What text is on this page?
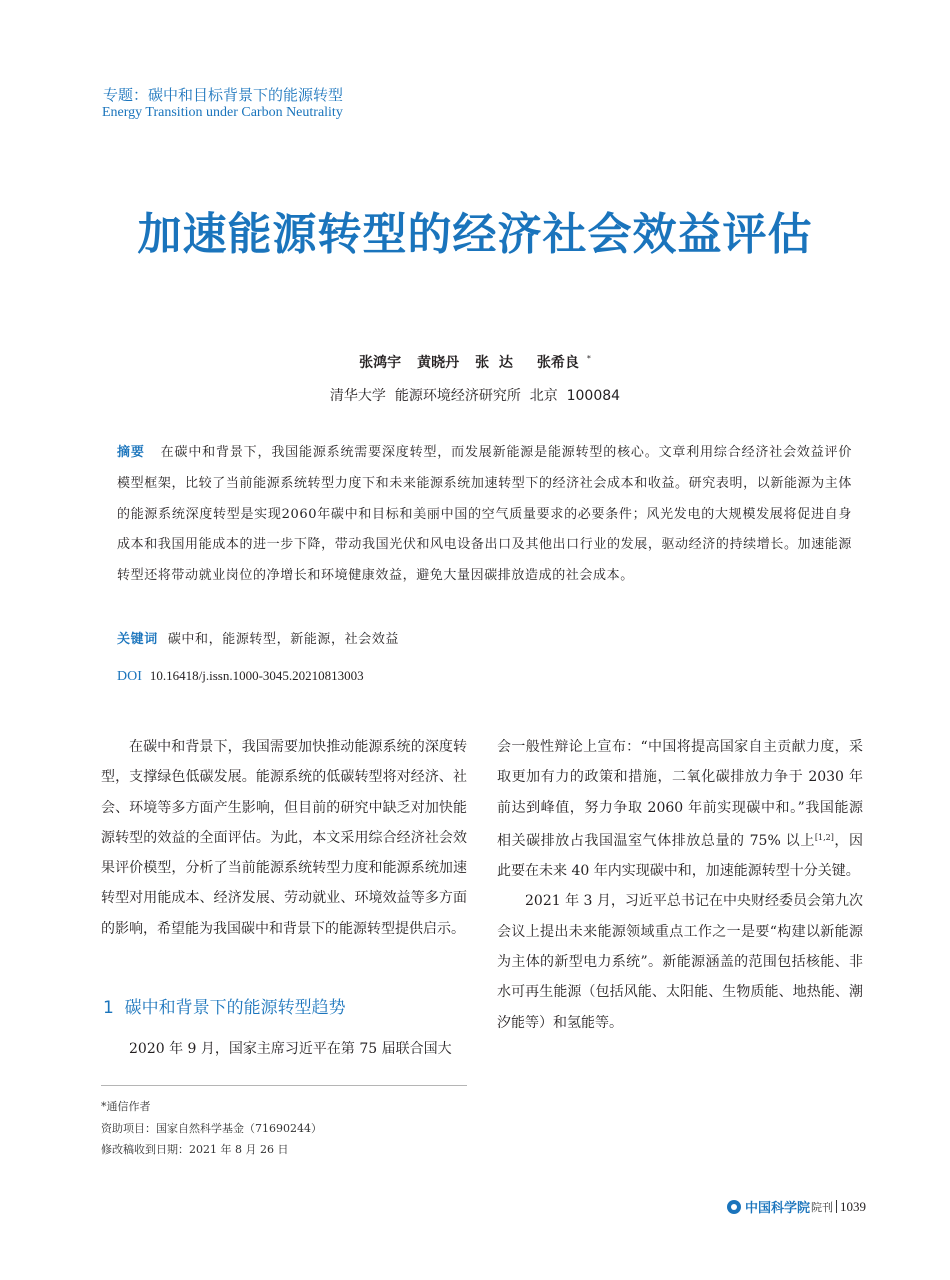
专题：碳中和目标背景下的能源转型
Energy Transition under Carbon Neutrality
加速能源转型的经济社会效益评估
张鸿宇 黄晓丹 张  达 张希良 *
清华大学  能源环境经济研究所  北京  100084
摘要 在碳中和背景下，我国能源系统需要深度转型，而发展新能源是能源转型的核心。文章利用综合经济社会效益评价模型框架，比较了当前能源系统转型力度下和未来能源系统加速转型下的经济社会成本和收益。研究表明，以新能源为主体的能源系统深度转型是实现2060年碳中和目标和美丽中国的空气质量要求的必要条件；风光发电的大规模发展将促进自身成本和我国用能成本的进一步下降，带动我国光伏和风电设备出口及其他出口行业的发展，驱动经济的持续增长。加速能源转型还将带动就业岗位的净增长和环境健康效益，避免大量因碳排放造成的社会成本。
关键词 碳中和，能源转型，新能源，社会效益
DOI 10.16418/j.issn.1000-3045.20210813003

在碳中和背景下，我国需要加快推动能源系统的深度转型，支撑绿色低碳发展。能源系统的低碳转型将对经济、社会、环境等多方面产生影响，但目前的研究中缺乏对加快能源转型的效益的全面评估。为此，本文采用综合经济社会效果评价模型，分析了当前能源系统转型力度和能源系统加速转型对用能成本、经济发展、劳动就业、环境效益等多方面的影响，希望能为我国碳中和背景下的能源转型提供启示。

1  碳中和背景下的能源转型趋势

2020 年 9 月，国家主席习近平在第 75 届联合国大

会一般性辩论上宣布：“中国将提高国家自主贡献力度，采取更加有力的政策和措施，二氧化碳排放力争于 2030 年前达到峰值，努力争取 2060 年前实现碳中和。”我国能源相关碳排放占我国温室气体排放总量的 75% 以上[1,2]，因此要在未来 40 年内实现碳中和，加速能源转型十分关键。

2021 年 3 月，习近平总书记在中央财经委员会第九次会议上提出未来能源领域重点工作之一是要“构建以新能源为主体的新型电力系统”。新能源涵盖的范围包括核能、非水可再生能源（包括风能、太阳能、生物质能、地热能、潮汐能等）和氢能等。

*通信作者
资助项目：国家自然科学基金（71690244）
修改稿收到日期：2021 年 8 月 26 日
中国科学院 院刊 1039
